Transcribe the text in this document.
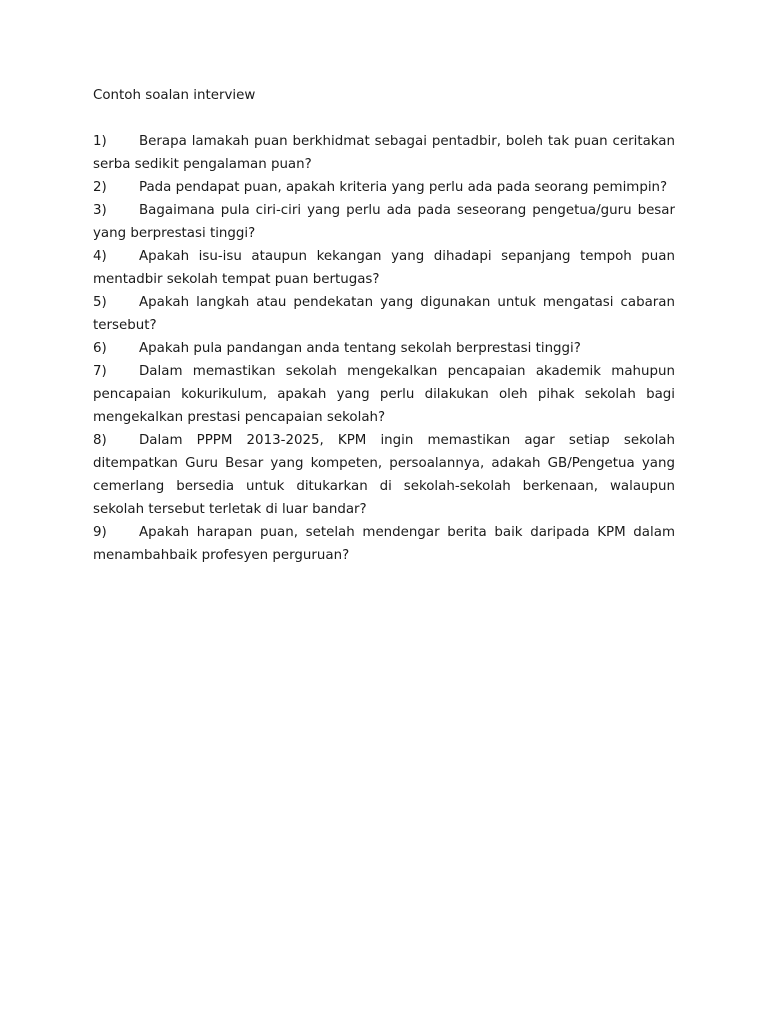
Contoh soalan interview

1) Berapa lamakah puan berkhidmat sebagai pentadbir, boleh tak puan ceritakan serba sedikit pengalaman puan?

2) Pada pendapat puan, apakah kriteria yang perlu ada pada seorang pemimpin?

3) Bagaimana pula ciri-ciri yang perlu ada pada seseorang pengetua/guru besar yang berprestasi tinggi?

4) Apakah isu-isu ataupun kekangan yang dihadapi sepanjang tempoh puan mentadbir sekolah tempat puan bertugas?

5) Apakah langkah atau pendekatan yang digunakan untuk mengatasi cabaran tersebut?

6) Apakah pula pandangan anda tentang sekolah berprestasi tinggi?

7) Dalam memastikan sekolah mengekalkan pencapaian akademik mahupun pencapaian kokurikulum, apakah yang perlu dilakukan oleh pihak sekolah bagi mengekalkan prestasi pencapaian sekolah?

8) Dalam PPPM 2013-2025, KPM ingin memastikan agar setiap sekolah ditempatkan Guru Besar yang kompeten, persoalannya, adakah GB/Pengetua yang cemerlang bersedia untuk ditukarkan di sekolah-sekolah berkenaan, walaupun sekolah tersebut terletak di luar bandar?

9) Apakah harapan puan, setelah mendengar berita baik daripada KPM dalam menambahbaik profesyen perguruan?
